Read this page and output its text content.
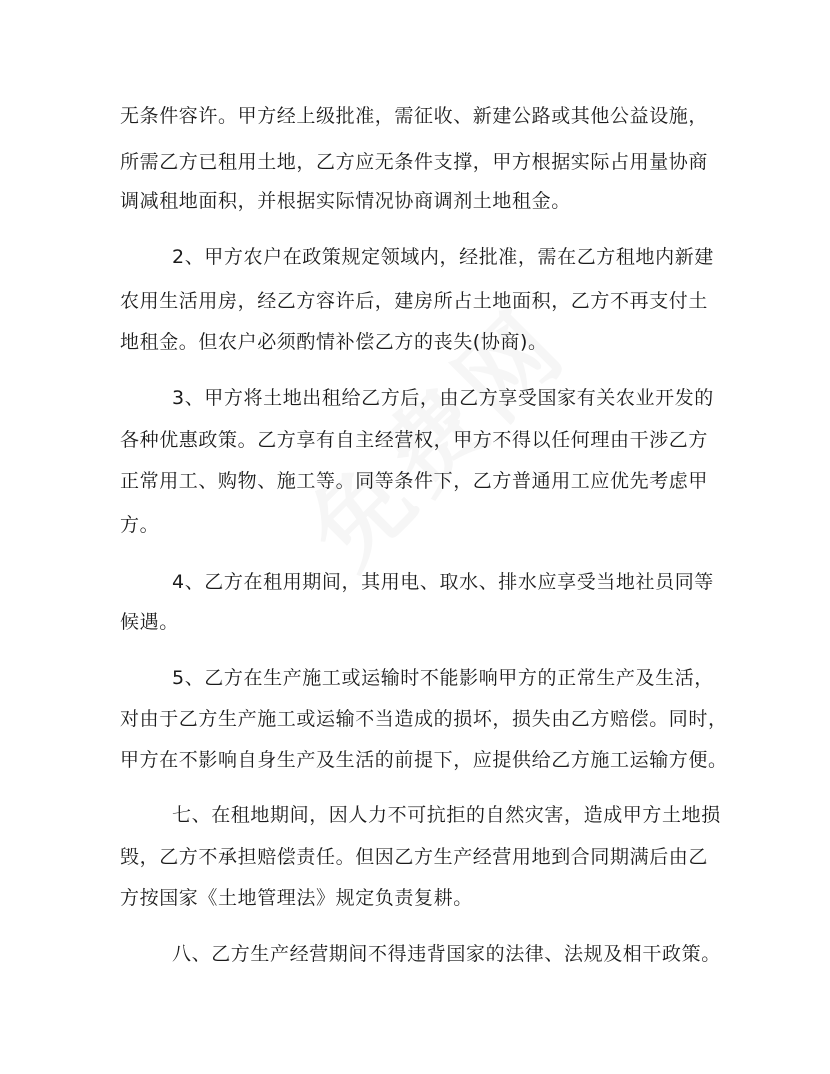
无条件容许。甲方经上级批准，需征收、新建公路或其他公益设施，
所需乙方已租用土地，乙方应无条件支撑，甲方根据实际占用量协商
调减租地面积，并根据实际情况协商调剂土地租金。
2、甲方农户在政策规定领域内，经批准，需在乙方租地内新建
农用生活用房，经乙方容许后，建房所占土地面积，乙方不再支付土
地租金。但农户必须酌情补偿乙方的丧失(协商)。
3、甲方将土地出租给乙方后，由乙方享受国家有关农业开发的
各种优惠政策。乙方享有自主经营权，甲方不得以任何理由干涉乙方
正常用工、购物、施工等。同等条件下，乙方普通用工应优先考虑甲
方。
4、乙方在租用期间，其用电、取水、排水应享受当地社员同等
候遇。
5、乙方在生产施工或运输时不能影响甲方的正常生产及生活，
对由于乙方生产施工或运输不当造成的损坏，损失由乙方赔偿。同时，
甲方在不影响自身生产及生活的前提下，应提供给乙方施工运输方便。
七、在租地期间，因人力不可抗拒的自然灾害，造成甲方土地损
毁，乙方不承担赔偿责任。但因乙方生产经营用地到合同期满后由乙
方按国家《土地管理法》规定负责复耕。
八、乙方生产经营期间不得违背国家的法律、法规及相干政策。
